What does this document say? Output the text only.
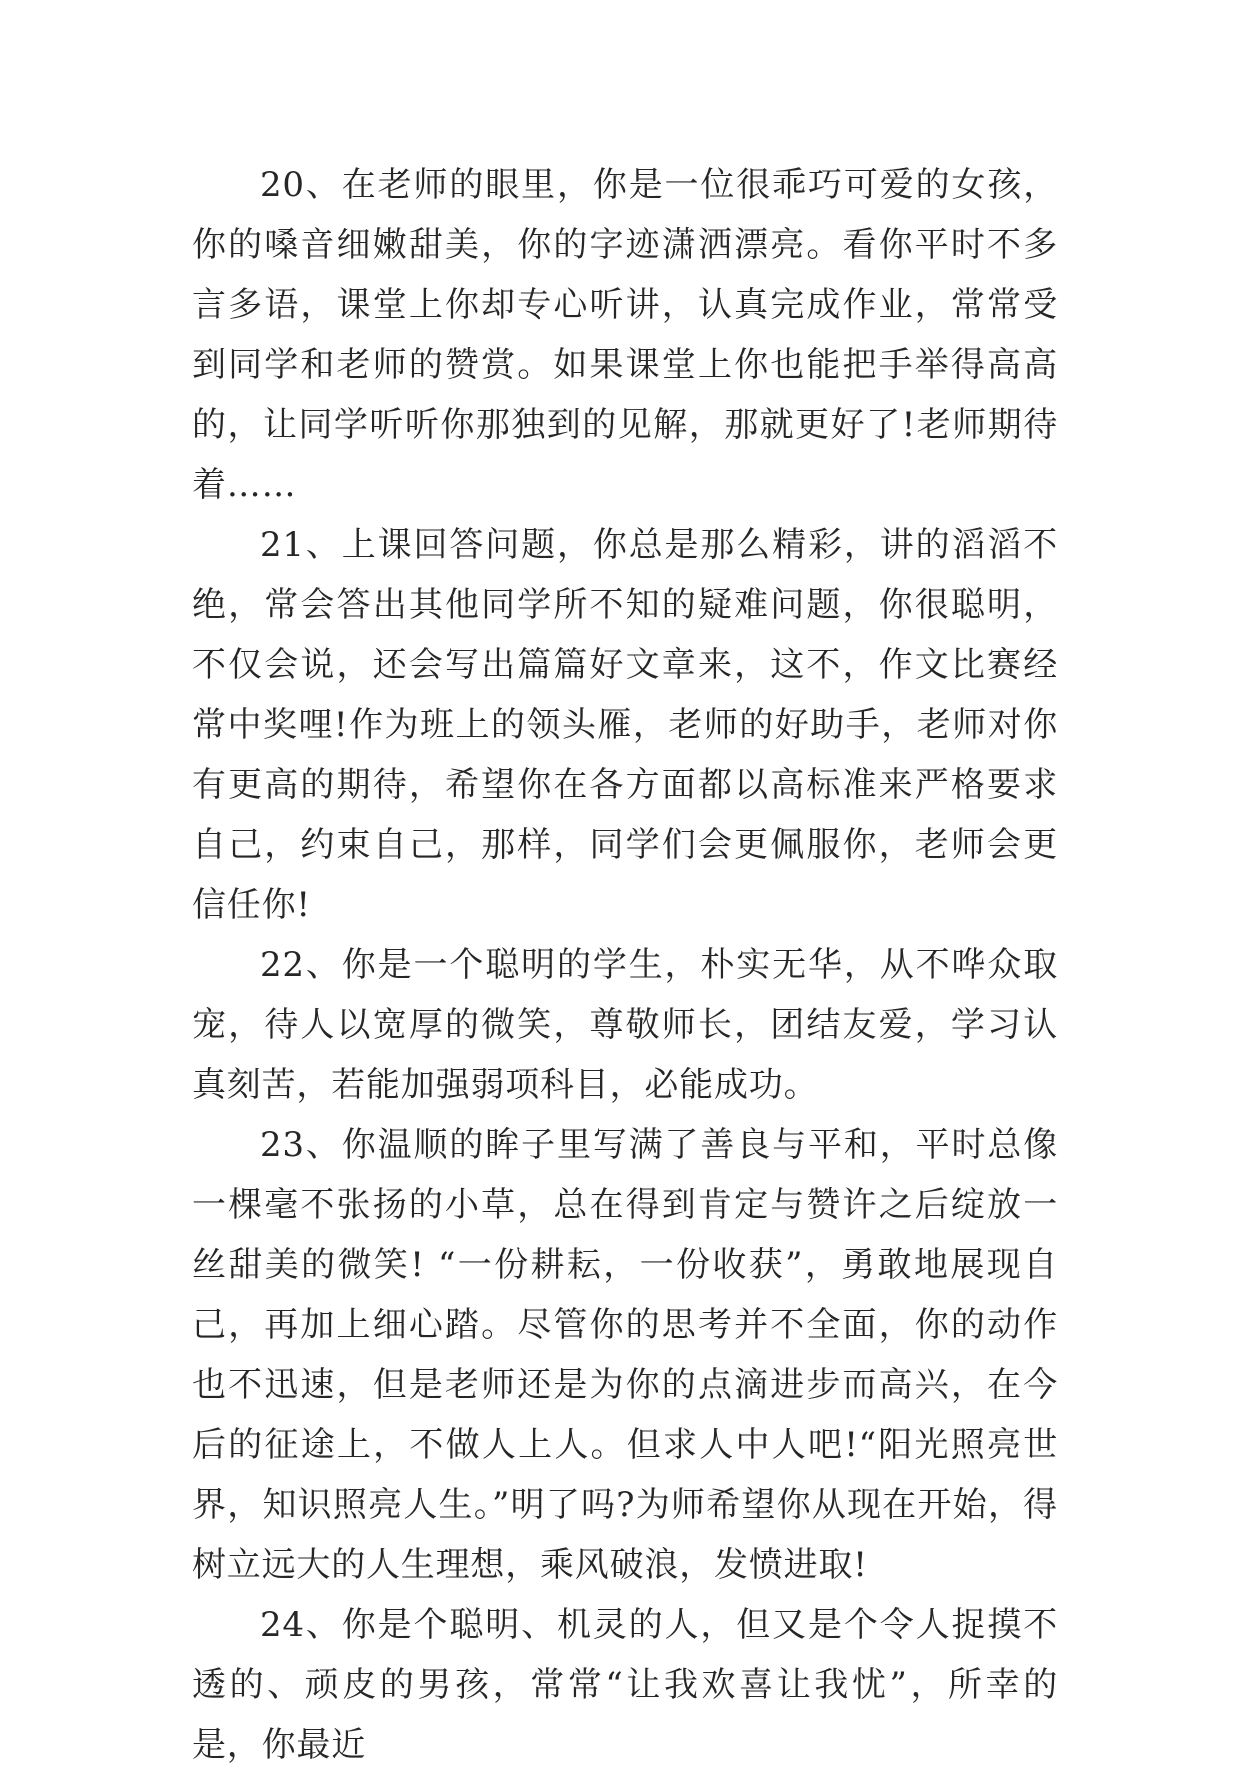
20、在老师的眼里，你是一位很乖巧可爱的女孩，你的嗓音细嫩甜美，你的字迹潇洒漂亮。看你平时不多言多语，课堂上你却专心听讲，认真完成作业，常常受到同学和老师的赞赏。如果课堂上你也能把手举得高高的，让同学听听你那独到的见解，那就更好了!老师期待着……

21、上课回答问题，你总是那么精彩，讲的滔滔不绝，常会答出其他同学所不知的疑难问题，你很聪明，不仅会说，还会写出篇篇好文章来，这不，作文比赛经常中奖哩!作为班上的领头雁，老师的好助手，老师对你有更高的期待，希望你在各方面都以高标准来严格要求自己，约束自己，那样，同学们会更佩服你，老师会更信任你!

22、你是一个聪明的学生，朴实无华，从不哗众取宠，待人以宽厚的微笑，尊敬师长，团结友爱，学习认真刻苦，若能加强弱项科目，必能成功。

23、你温顺的眸子里写满了善良与平和，平时总像一棵毫不张扬的小草，总在得到肯定与赞许之后绽放一丝甜美的微笑! “一份耕耘，一份收获”，勇敢地展现自己，再加上细心踏。尽管你的思考并不全面，你的动作也不迅速，但是老师还是为你的点滴进步而高兴，在今后的征途上，不做人上人。但求人中人吧!“阳光照亮世界，知识照亮人生。”明了吗?为师希望你从现在开始，得树立远大的人生理想，乘风破浪，发愤进取!

24、你是个聪明、机灵的人，但又是个令人捉摸不透的、顽皮的男孩，常常“让我欢喜让我忧”，所幸的是，你最近
